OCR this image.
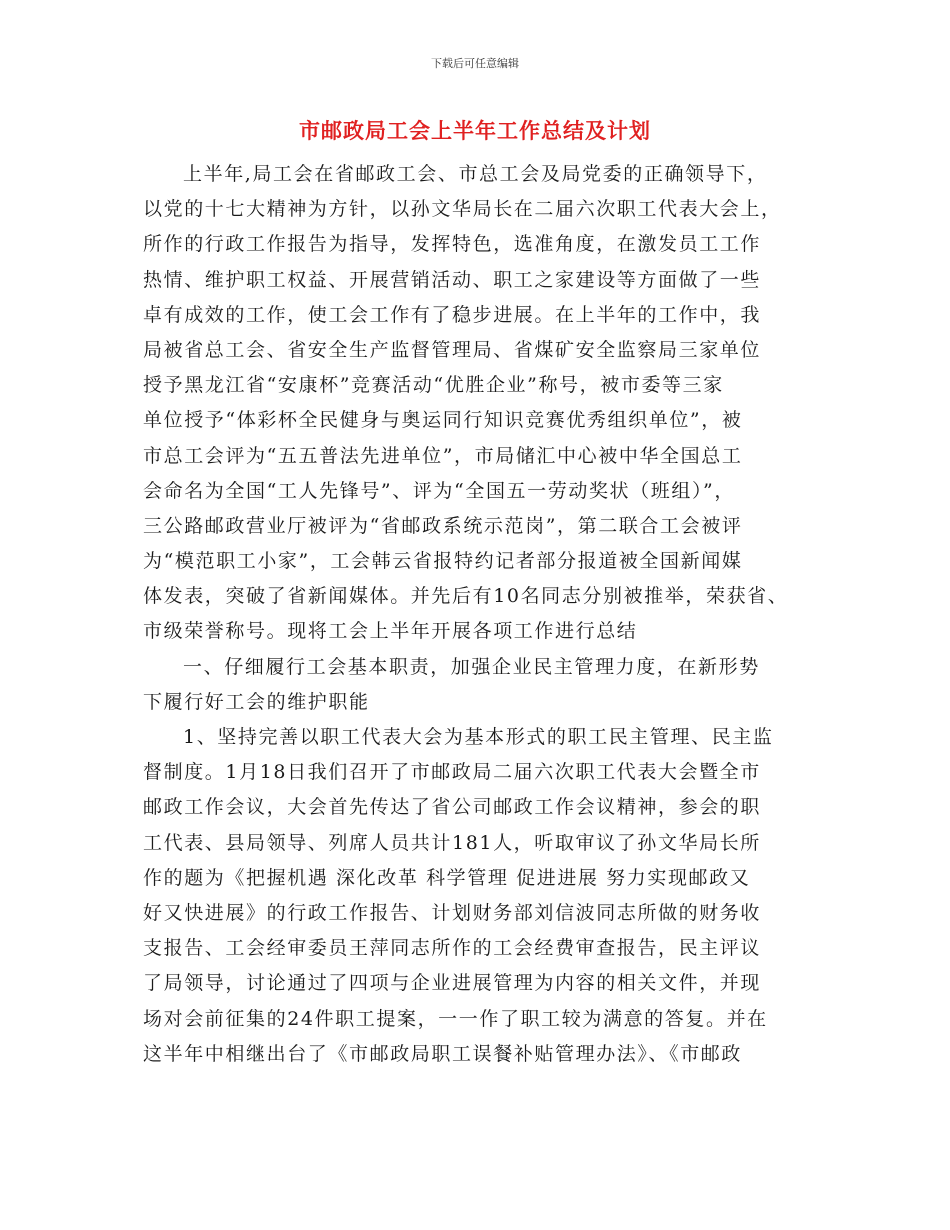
下载后可任意编辑
市邮政局工会上半年工作总结及计划
上半年,局工会在省邮政工会、市总工会及局党委的正确领导下，
以党的十七大精神为方针，以孙文华局长在二届六次职工代表大会上，
所作的行政工作报告为指导，发挥特色，选准角度，在激发员工工作
热情、维护职工权益、开展营销活动、职工之家建设等方面做了一些
卓有成效的工作，使工会工作有了稳步进展。在上半年的工作中，我
局被省总工会、省安全生产监督管理局、省煤矿安全监察局三家单位
授予黑龙江省“安康杯”竞赛活动“优胜企业”称号，被市委等三家
单位授予“体彩杯全民健身与奥运同行知识竞赛优秀组织单位”，被
市总工会评为“五五普法先进单位”，市局储汇中心被中华全国总工
会命名为全国“工人先锋号”、评为“全国五一劳动奖状（班组）”，
三公路邮政营业厅被评为“省邮政系统示范岗”，第二联合工会被评
为“模范职工小家”，工会韩云省报特约记者部分报道被全国新闻媒
体发表，突破了省新闻媒体。并先后有10名同志分别被推举，荣获省、
市级荣誉称号。现将工会上半年开展各项工作进行总结
一、仔细履行工会基本职责，加强企业民主管理力度，在新形势
下履行好工会的维护职能
1、坚持完善以职工代表大会为基本形式的职工民主管理、民主监
督制度。1月18日我们召开了市邮政局二届六次职工代表大会暨全市
邮政工作会议，大会首先传达了省公司邮政工作会议精神，参会的职
工代表、县局领导、列席人员共计181人，听取审议了孙文华局长所
作的题为《把握机遇 深化改革 科学管理 促进进展 努力实现邮政又
好又快进展》的行政工作报告、计划财务部刘信波同志所做的财务收
支报告、工会经审委员王萍同志所作的工会经费审查报告，民主评议
了局领导，讨论通过了四项与企业进展管理为内容的相关文件，并现
场对会前征集的24件职工提案，一一作了职工较为满意的答复。并在
这半年中相继出台了《市邮政局职工误餐补贴管理办法》、《市邮政
